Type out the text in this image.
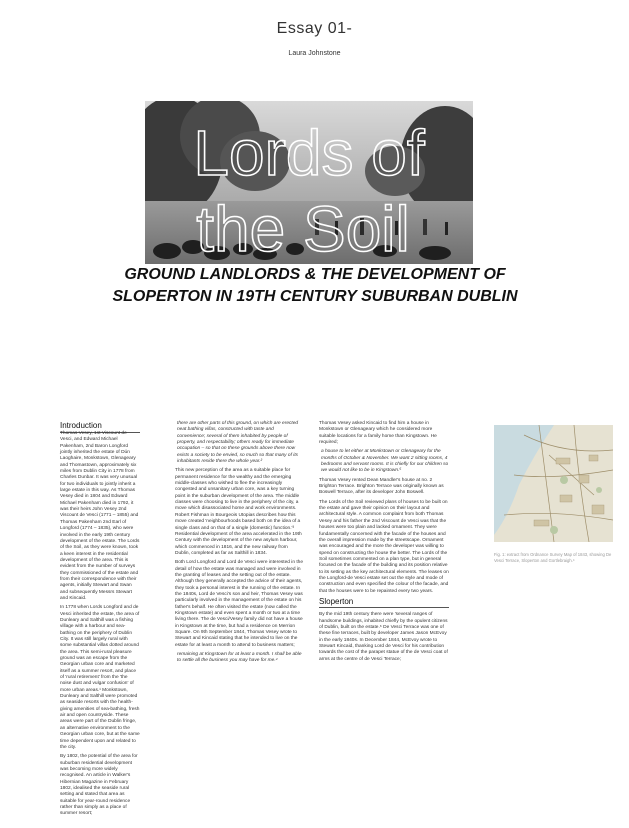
Essay 01-
Laura Johnstone
Lords of
the Soil
GROUND LANDLORDS & THE DEVELOPMENT OF
SLOPERTON IN 19TH CENTURY SUBURBAN DUBLIN
Introduction

Thomas Vesey, 1st Viscount de Vesci, and Edward Michael Pakenham, 2nd Baron Longford jointly inherited the estate of Dún Laoghaire, Monkstown, Glenageary and Thomastown, approximately six miles from Dublin City in 1778 from Charles Dunbar. It was very unusual for two individuals to jointly inherit a large estate in this way. As Thomas Vesey died in 1804 and Edward Michael Pakenham died in 1792, it was their heirs John Vesey 2nd Viscount de Vesci (1771 – 1855) and Thomas Pakenham 2nd Earl of Longford (1774 – 1835), who were involved in the early 19th century development of the estate. The Lords of the Soil, as they were known, took a keen interest in the residential development of the area. This is evident from the number of surveys they commissioned of the estate and from their correspondence with their agents, initially Stewart and Swan and subsequently Messrs Stewart and Kincaid.

In 1778 when Lords Longford and de Vesci inherited the estate, the area of Dunleary and Salthill was a fishing village with a harbour and sea-bathing on the periphery of Dublin City. It was still largely rural with some substantial villas dotted around the area. This semi-rural pleasure ground was an escape from the Georgian urban core and marketed itself as a summer resort, and place of 'rural retirement' from the 'the noise dust and vulgar confusion' of more urban areas.¹ Monkstown, Dunleary and Salthill were promoted as seaside resorts with the health-giving amenities of sea-bathing, fresh air and open countryside. These areas were part of the Dublin fringe, an alternative environment to the Georgian urban core, but at the same time dependent upon and related to the city.

By 1802, the potential of the area for suburban residential development was becoming more widely recognised. An article in Walker's Hibernian Magazine in February 1802, idealised the seaside rural setting and stated that area as suitable for year-round residence rather than simply as a place of summer resort;

there are other parts of this ground, on which are erected neat bathing villas, constructed with taste and convenience; several of them inhabited by people of property, and respectability; others ready for immediate occupation – so that on these grounds above there now exists a society to be envied, so much so that many of its inhabitants reside there the whole year.²

This new perception of the area as a suitable place for permanent residence for the wealthy and the emerging middle-classes who wished to flee the increasingly congested and unsanitary urban core, was a key turning point in the suburban development of the area. The middle classes were choosing to live in the periphery of the city, a move which disassociated home and work environments. Robert Fishman in Bourgeois Utopias describes how this move created 'neighbourhoods based both on the idea of a single class and on that of a single (domestic) function.'³ Residential development of the area accelerated in the 19th Century with the development of the new asylum harbour, which commenced in 1816, and the new railway from Dublin, completed as far as Salthill in 1834.

Both Lord Longford and Lord de Vesci were interested in the detail of how the estate was managed and were involved in the granting of leases and the setting out of the estate. Although they generally accepted the advice of their agents, they took a personal interest in the running of the estate. In the 1840s, Lord de Vesci's son and heir, Thomas Vesey was particularly involved in the management of the estate on his father's behalf. He often visited the estate (now called the Kingstown estate) and even spent a month or two at a time living there. The de Vesci/Vesey family did not have a house in Kingstown at the time, but had a residence on Merrion Square. On 9th September 1844, Thomas Vesey wrote to Stewart and Kincaid stating that he intended to live on the estate for at least a month to attend to business matters;

remaining at Kingstown for at least a month. I shall be able to settle all the business you may have for me.⁴

Thomas Vesey asked Kincaid to find him a house in Monkstown or Glenageary which he considered more suitable locations for a family home than Kingstown. He required;

a house to let either at Monkstown or Glenageary for the months of October & November. We want 2 sitting rooms, 4 bedrooms and servant rooms. It is chiefly for our children so we would not like to be in Kingstown.⁵

Thomas Vesey rented Dean Mandler's house at no. 2 Brighton Terrace. Brighton Terrace was originally known as Boswell Terrace, after its developer John Boswell.

The Lords of the Soil reviewed plans of houses to be built on the estate and gave their opinion on their layout and architectural style. A common complaint from both Thomas Vesey and his father the 2nd Viscount de Vesci was that the houses were too plain and lacked ornament. They were fundamentally concerned with the facade of the houses and the overall impression made by the streetscape. Ornament was encouraged and the more the developer was willing to spend on constructing the house the better. The Lords of the Soil sometimes commented on a plan type, but in general focused on the facade of the building and its position relative to its setting as the key architectural elements. The leases on the Longford-de Vesci estate set out the style and mode of construction and even specified the colour of the facade, and that the houses were to be repainted every two years.

Sloperton

By the mid 19th century there were 'several ranges of handsome buildings, inhabited chiefly by the opulent citizens of Dublin, built on the estate.⁶ De Vesci Terrace was one of these fine terraces, built by developer James Jason McEvoy in the early 1840s. In December 1844, McEvoy wrote to Stewart Kincaid, thanking Lord de Vesci for his contribution towards the cost of the parapet statue of the de Vesci coat of arms at the centre of de Vesci Terrace;

Fig. 1: extract from Ordnance Survey Map of 1843, showing De Vesci Terrace, Sloperton and Gortlebraigh.⁶
